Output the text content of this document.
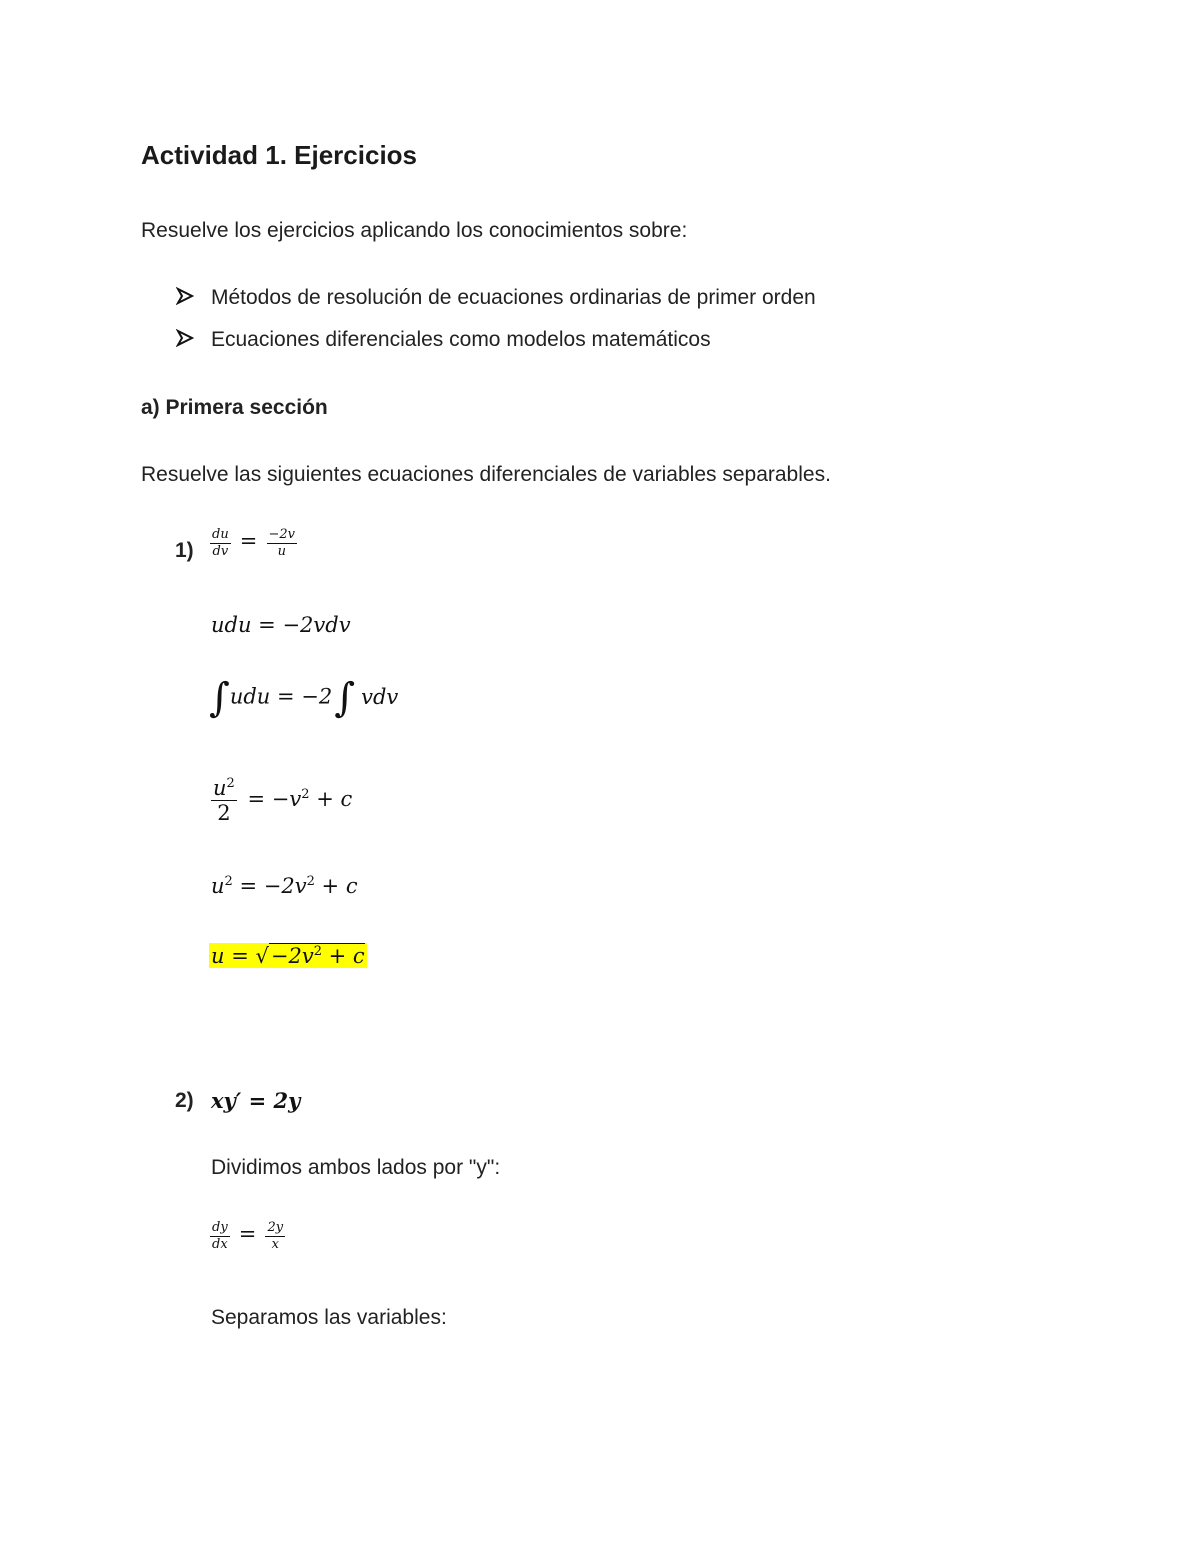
Actividad 1. Ejercicios
Resuelve los ejercicios aplicando los conocimientos sobre:
Métodos de resolución de ecuaciones ordinarias de primer orden
Ecuaciones diferenciales como modelos matemáticos
a) Primera sección
Resuelve las siguientes ecuaciones diferenciales de variables separables.
$1) \frac{du}{dv} = \frac{-2v}{u}$
udu = −2vdv
∫udu = −2∫ vdv
$\frac{u^2}{2} = -v^2 + c$
$u^2 = -2v^2 + c$
$u = √-2v^2 + c$
2) xy′ = 2y
Dividimos ambos lados por "y":
$\frac{dy}{dx} = \frac{2y}{x}$
Separamos las variables:
